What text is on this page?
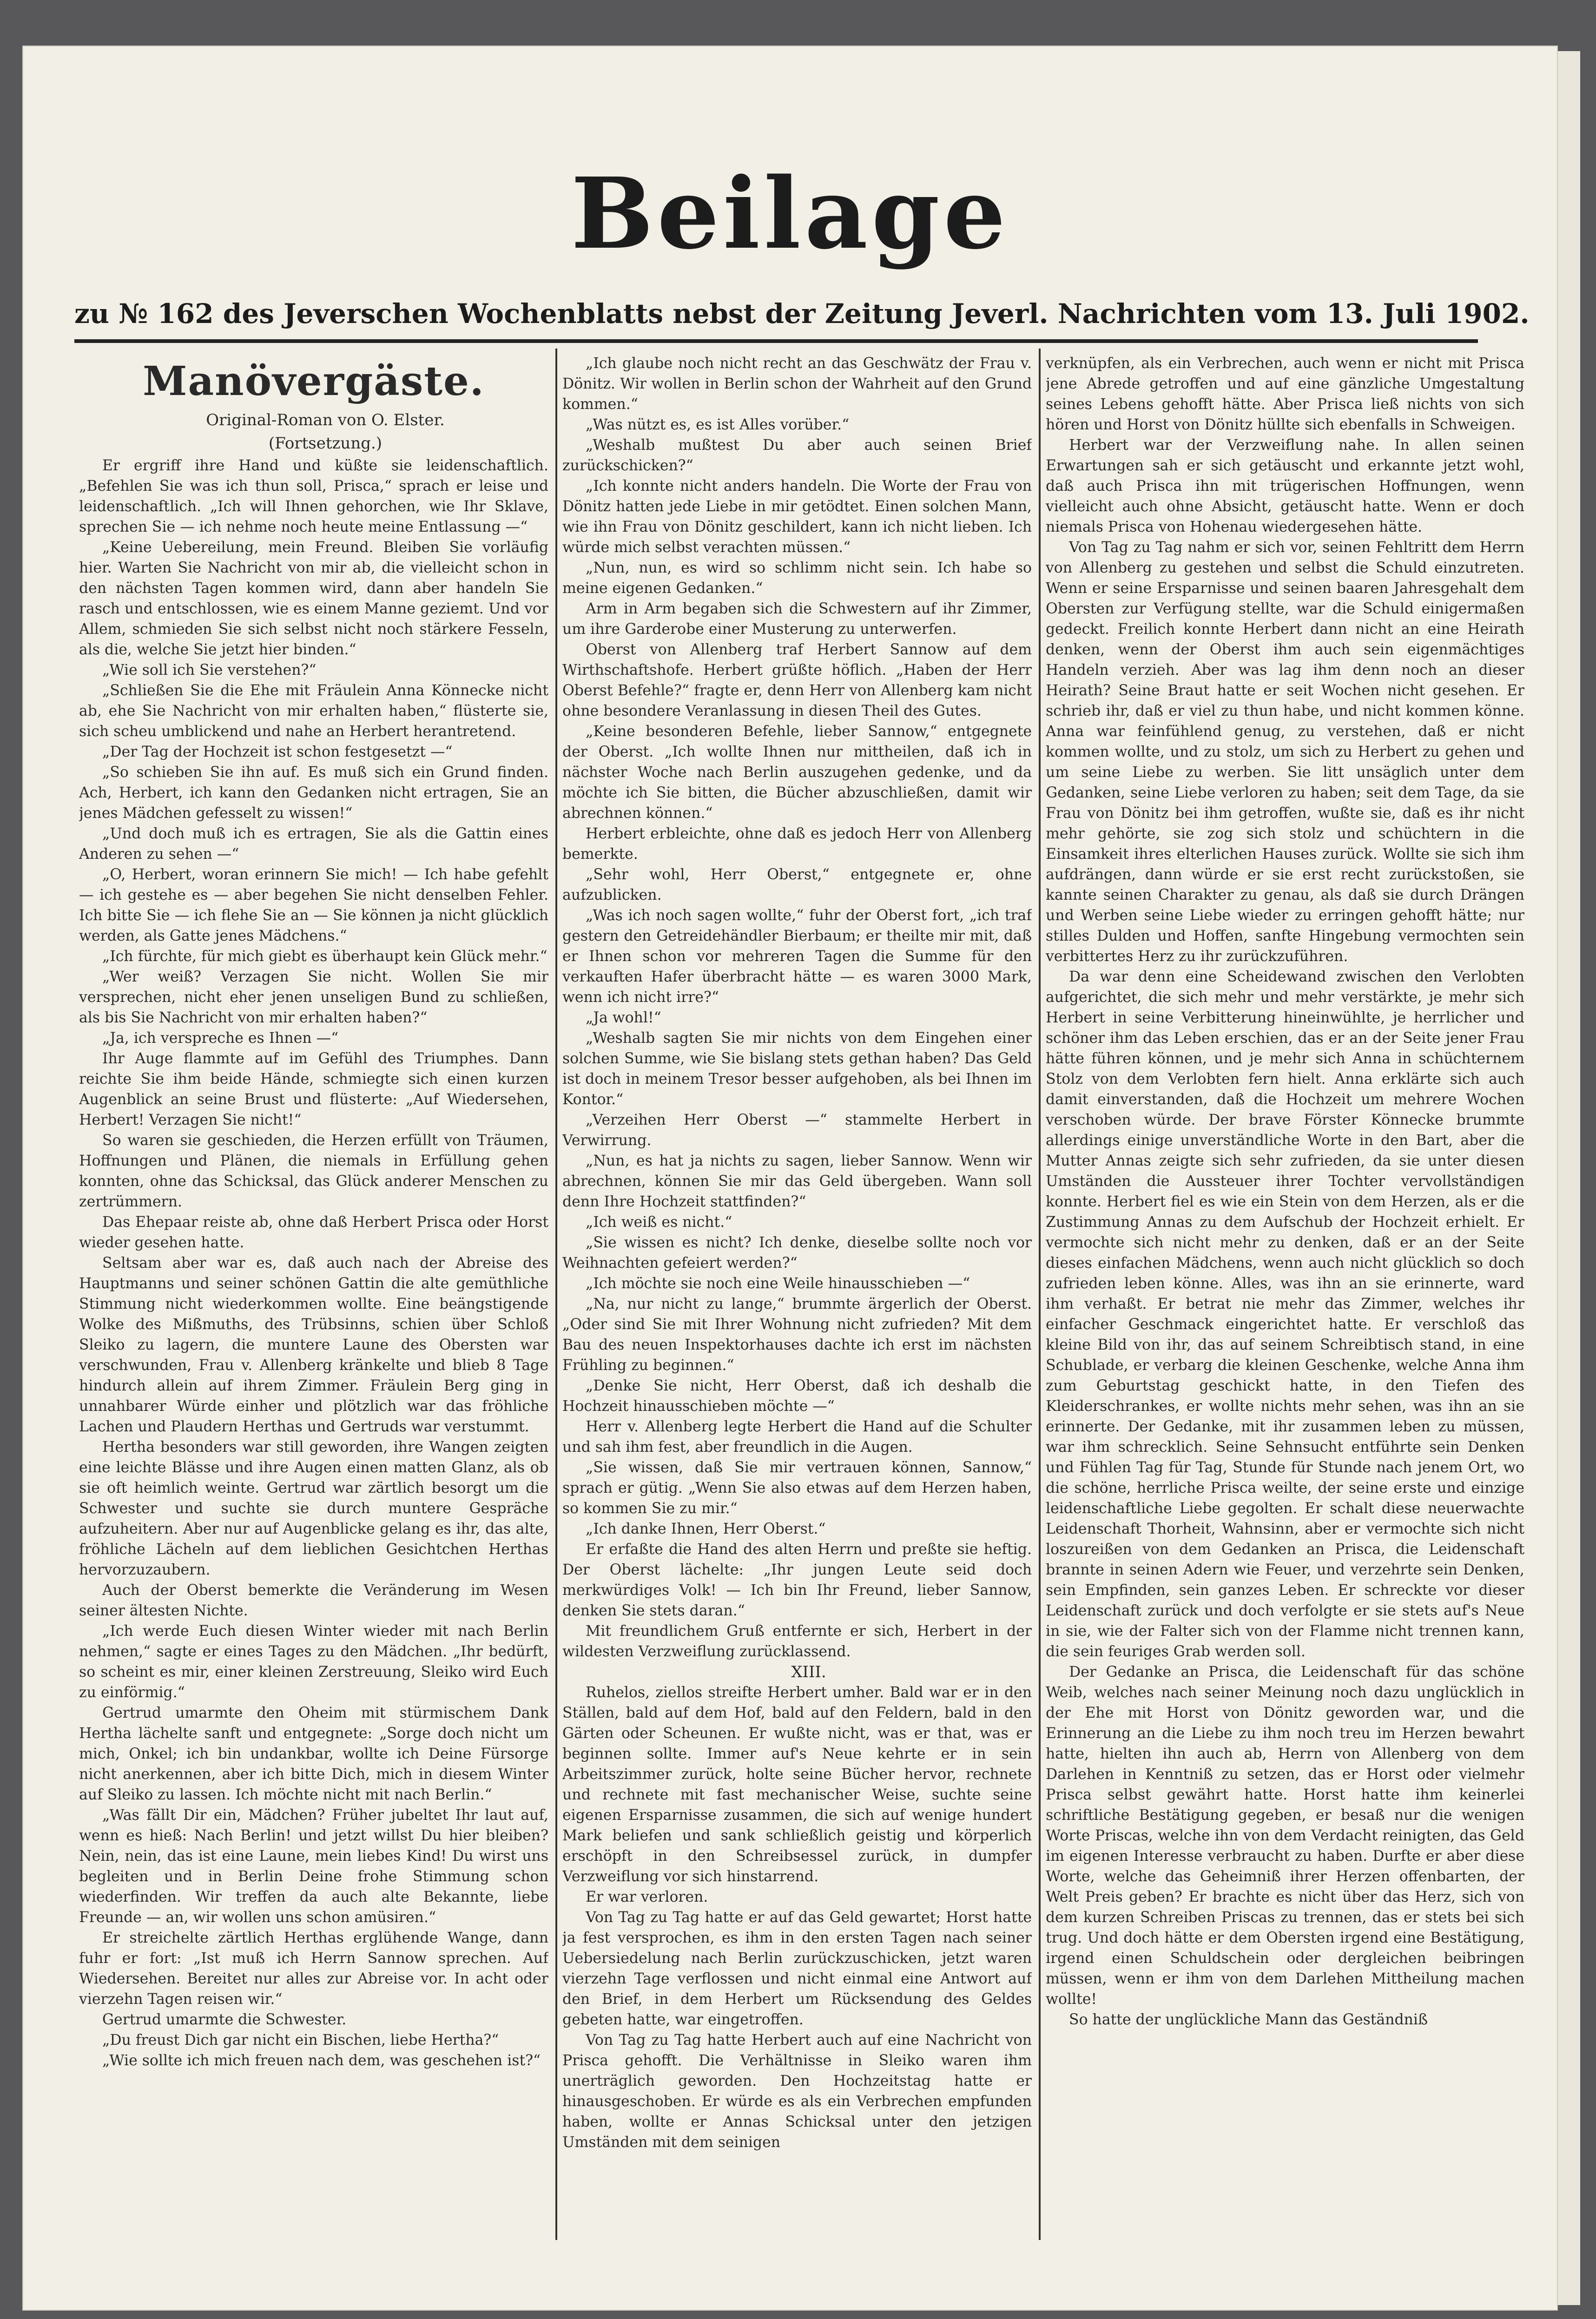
Beilage
zu № 162 des Jeverschen Wochenblatts nebst der Zeitung Jeverl. Nachrichten vom 13. Juli 1902.
Manövergäste.

Original-Roman von O. Elster.

(Fortsetzung.)

Er ergriff ihre Hand und küßte sie leidenschaftlich. „Befehlen Sie was ich thun soll, Prisca,“ sprach er leise und leidenschaftlich. „Ich will Ihnen gehorchen, wie Ihr Sklave, sprechen Sie — ich nehme noch heute meine Entlassung —“

„Keine Uebereilung, mein Freund. Bleiben Sie vorläufig hier. Warten Sie Nachricht von mir ab, die vielleicht schon in den nächsten Tagen kommen wird, dann aber handeln Sie rasch und entschlossen, wie es einem Manne geziemt. Und vor Allem, schmieden Sie sich selbst nicht noch stärkere Fesseln, als die, welche Sie jetzt hier binden.“

„Wie soll ich Sie verstehen?“

„Schließen Sie die Ehe mit Fräulein Anna Könnecke nicht ab, ehe Sie Nachricht von mir erhalten haben,“ flüsterte sie, sich scheu umblickend und nahe an Herbert herantretend.

„Der Tag der Hochzeit ist schon festgesetzt —“

„So schieben Sie ihn auf. Es muß sich ein Grund finden. Ach, Herbert, ich kann den Gedanken nicht ertragen, Sie an jenes Mädchen gefesselt zu wissen!“

„Und doch muß ich es ertragen, Sie als die Gattin eines Anderen zu sehen —“

„O, Herbert, woran erinnern Sie mich! — Ich habe gefehlt — ich gestehe es — aber begehen Sie nicht denselben Fehler. Ich bitte Sie — ich flehe Sie an — Sie können ja nicht glücklich werden, als Gatte jenes Mädchens.“

„Ich fürchte, für mich giebt es überhaupt kein Glück mehr.“

„Wer weiß? Verzagen Sie nicht. Wollen Sie mir versprechen, nicht eher jenen unseligen Bund zu schließen, als bis Sie Nachricht von mir erhalten haben?“

„Ja, ich verspreche es Ihnen —“

Ihr Auge flammte auf im Gefühl des Triumphes. Dann reichte Sie ihm beide Hände, schmiegte sich einen kurzen Augenblick an seine Brust und flüsterte: „Auf Wiedersehen, Herbert! Verzagen Sie nicht!“

So waren sie geschieden, die Herzen erfüllt von Träumen, Hoffnungen und Plänen, die niemals in Erfüllung gehen konnten, ohne das Schicksal, das Glück anderer Menschen zu zertrümmern.

Das Ehepaar reiste ab, ohne daß Herbert Prisca oder Horst wieder gesehen hatte.

Seltsam aber war es, daß auch nach der Abreise des Hauptmanns und seiner schönen Gattin die alte gemüthliche Stimmung nicht wiederkommen wollte. Eine beängstigende Wolke des Mißmuths, des Trübsinns, schien über Schloß Sleiko zu lagern, die muntere Laune des Obersten war verschwunden, Frau v. Allenberg kränkelte und blieb 8 Tage hindurch allein auf ihrem Zimmer. Fräulein Berg ging in unnahbarer Würde einher und plötzlich war das fröhliche Lachen und Plaudern Herthas und Gertruds war verstummt.

Hertha besonders war still geworden, ihre Wangen zeigten eine leichte Blässe und ihre Augen einen matten Glanz, als ob sie oft heimlich weinte. Gertrud war zärtlich besorgt um die Schwester und suchte sie durch muntere Gespräche aufzuheitern. Aber nur auf Augenblicke gelang es ihr, das alte, fröhliche Lächeln auf dem lieblichen Gesichtchen Herthas hervorzuzaubern.

Auch der Oberst bemerkte die Veränderung im Wesen seiner ältesten Nichte.

„Ich werde Euch diesen Winter wieder mit nach Berlin nehmen,“ sagte er eines Tages zu den Mädchen. „Ihr bedürft, so scheint es mir, einer kleinen Zerstreuung, Sleiko wird Euch zu einförmig.“

Gertrud umarmte den Oheim mit stürmischem Dank Hertha lächelte sanft und entgegnete: „Sorge doch nicht um mich, Onkel; ich bin undankbar, wollte ich Deine Fürsorge nicht anerkennen, aber ich bitte Dich, mich in diesem Winter auf Sleiko zu lassen. Ich möchte nicht mit nach Berlin.“

„Was fällt Dir ein, Mädchen? Früher jubeltet Ihr laut auf, wenn es hieß: Nach Berlin! und jetzt willst Du hier bleiben? Nein, nein, das ist eine Laune, mein liebes Kind! Du wirst uns begleiten und in Berlin Deine frohe Stimmung schon wiederfinden. Wir treffen da auch alte Bekannte, liebe Freunde — an, wir wollen uns schon amüsiren.“

Er streichelte zärtlich Herthas erglühende Wange, dann fuhr er fort: „Ist muß ich Herrn Sannow sprechen. Auf Wiedersehen. Bereitet nur alles zur Abreise vor. In acht oder vierzehn Tagen reisen wir.“

Gertrud umarmte die Schwester.

„Du freust Dich gar nicht ein Bischen, liebe Hertha?“

„Wie sollte ich mich freuen nach dem, was geschehen ist?“

„Ich glaube noch nicht recht an das Geschwätz der Frau v. Dönitz. Wir wollen in Berlin schon der Wahrheit auf den Grund kommen.“

„Was nützt es, es ist Alles vorüber.“

„Weshalb mußtest Du aber auch seinen Brief zurückschicken?“

„Ich konnte nicht anders handeln. Die Worte der Frau von Dönitz hatten jede Liebe in mir getödtet. Einen solchen Mann, wie ihn Frau von Dönitz geschildert, kann ich nicht lieben. Ich würde mich selbst verachten müssen.“

„Nun, nun, es wird so schlimm nicht sein. Ich habe so meine eigenen Gedanken.“

Arm in Arm begaben sich die Schwestern auf ihr Zimmer, um ihre Garderobe einer Musterung zu unterwerfen.

Oberst von Allenberg traf Herbert Sannow auf dem Wirthschaftshofe. Herbert grüßte höflich. „Haben der Herr Oberst Befehle?“ fragte er, denn Herr von Allenberg kam nicht ohne besondere Veranlassung in diesen Theil des Gutes.

„Keine besonderen Befehle, lieber Sannow,“ entgegnete der Oberst. „Ich wollte Ihnen nur mittheilen, daß ich in nächster Woche nach Berlin auszugehen gedenke, und da möchte ich Sie bitten, die Bücher abzuschließen, damit wir abrechnen können.“

Herbert erbleichte, ohne daß es jedoch Herr von Allenberg bemerkte.

„Sehr wohl, Herr Oberst,“ entgegnete er, ohne aufzublicken.

„Was ich noch sagen wollte,“ fuhr der Oberst fort, „ich traf gestern den Getreidehändler Bierbaum; er theilte mir mit, daß er Ihnen schon vor mehreren Tagen die Summe für den verkauften Hafer überbracht hätte — es waren 3000 Mark, wenn ich nicht irre?“

„Ja wohl!“

„Weshalb sagten Sie mir nichts von dem Eingehen einer solchen Summe, wie Sie bislang stets gethan haben? Das Geld ist doch in meinem Tresor besser aufgehoben, als bei Ihnen im Kontor.“

„Verzeihen Herr Oberst —“ stammelte Herbert in Verwirrung.

„Nun, es hat ja nichts zu sagen, lieber Sannow. Wenn wir abrechnen, können Sie mir das Geld übergeben. Wann soll denn Ihre Hochzeit stattfinden?“

„Ich weiß es nicht.“

„Sie wissen es nicht? Ich denke, dieselbe sollte noch vor Weihnachten gefeiert werden?“

„Ich möchte sie noch eine Weile hinausschieben —“

„Na, nur nicht zu lange,“ brummte ärgerlich der Oberst. „Oder sind Sie mit Ihrer Wohnung nicht zufrieden? Mit dem Bau des neuen Inspektorhauses dachte ich erst im nächsten Frühling zu beginnen.“

„Denke Sie nicht, Herr Oberst, daß ich deshalb die Hochzeit hinausschieben möchte —“

Herr v. Allenberg legte Herbert die Hand auf die Schulter und sah ihm fest, aber freundlich in die Augen.

„Sie wissen, daß Sie mir vertrauen können, Sannow,“ sprach er gütig. „Wenn Sie also etwas auf dem Herzen haben, so kommen Sie zu mir.“

„Ich danke Ihnen, Herr Oberst.“

Er erfaßte die Hand des alten Herrn und preßte sie heftig. Der Oberst lächelte: „Ihr jungen Leute seid doch merkwürdiges Volk! — Ich bin Ihr Freund, lieber Sannow, denken Sie stets daran.“

Mit freundlichem Gruß entfernte er sich, Herbert in der wildesten Verzweiflung zurücklassend.

XIII.

Ruhelos, ziellos streifte Herbert umher. Bald war er in den Ställen, bald auf dem Hof, bald auf den Feldern, bald in den Gärten oder Scheunen. Er wußte nicht, was er that, was er beginnen sollte. Immer auf's Neue kehrte er in sein Arbeitszimmer zurück, holte seine Bücher hervor, rechnete und rechnete mit fast mechanischer Weise, suchte seine eigenen Ersparnisse zusammen, die sich auf wenige hundert Mark beliefen und sank schließlich geistig und körperlich erschöpft in den Schreibsessel zurück, in dumpfer Verzweiflung vor sich hinstarrend.

Er war verloren.

Von Tag zu Tag hatte er auf das Geld gewartet; Horst hatte ja fest versprochen, es ihm in den ersten Tagen nach seiner Uebersiedelung nach Berlin zurückzuschicken, jetzt waren vierzehn Tage verflossen und nicht einmal eine Antwort auf den Brief, in dem Herbert um Rücksendung des Geldes gebeten hatte, war eingetroffen.

Von Tag zu Tag hatte Herbert auch auf eine Nachricht von Prisca gehofft. Die Verhältnisse in Sleiko waren ihm unerträglich geworden. Den Hochzeitstag hatte er hinausgeschoben. Er würde es als ein Verbrechen empfunden haben, wollte er Annas Schicksal unter den jetzigen Umständen mit dem seinigen

verknüpfen, als ein Verbrechen, auch wenn er nicht mit Prisca jene Abrede getroffen und auf eine gänzliche Umgestaltung seines Lebens gehofft hätte. Aber Prisca ließ nichts von sich hören und Horst von Dönitz hüllte sich ebenfalls in Schweigen.

Herbert war der Verzweiflung nahe. In allen seinen Erwartungen sah er sich getäuscht und erkannte jetzt wohl, daß auch Prisca ihn mit trügerischen Hoffnungen, wenn vielleicht auch ohne Absicht, getäuscht hatte. Wenn er doch niemals Prisca von Hohenau wiedergesehen hätte.

Von Tag zu Tag nahm er sich vor, seinen Fehltritt dem Herrn von Allenberg zu gestehen und selbst die Schuld einzutreten. Wenn er seine Ersparnisse und seinen baaren Jahresgehalt dem Obersten zur Verfügung stellte, war die Schuld einigermaßen gedeckt. Freilich konnte Herbert dann nicht an eine Heirath denken, wenn der Oberst ihm auch sein eigenmächtiges Handeln verzieh. Aber was lag ihm denn noch an dieser Heirath? Seine Braut hatte er seit Wochen nicht gesehen. Er schrieb ihr, daß er viel zu thun habe, und nicht kommen könne. Anna war feinfühlend genug, zu verstehen, daß er nicht kommen wollte, und zu stolz, um sich zu Herbert zu gehen und um seine Liebe zu werben. Sie litt unsäglich unter dem Gedanken, seine Liebe verloren zu haben; seit dem Tage, da sie Frau von Dönitz bei ihm getroffen, wußte sie, daß es ihr nicht mehr gehörte, sie zog sich stolz und schüchtern in die Einsamkeit ihres elterlichen Hauses zurück. Wollte sie sich ihm aufdrängen, dann würde er sie erst recht zurückstoßen, sie kannte seinen Charakter zu genau, als daß sie durch Drängen und Werben seine Liebe wieder zu erringen gehofft hätte; nur stilles Dulden und Hoffen, sanfte Hingebung vermochten sein verbittertes Herz zu ihr zurückzuführen.

Da war denn eine Scheidewand zwischen den Verlobten aufgerichtet, die sich mehr und mehr verstärkte, je mehr sich Herbert in seine Verbitterung hineinwühlte, je herrlicher und schöner ihm das Leben erschien, das er an der Seite jener Frau hätte führen können, und je mehr sich Anna in schüchternem Stolz von dem Verlobten fern hielt. Anna erklärte sich auch damit einverstanden, daß die Hochzeit um mehrere Wochen verschoben würde. Der brave Förster Könnecke brummte allerdings einige unverständliche Worte in den Bart, aber die Mutter Annas zeigte sich sehr zufrieden, da sie unter diesen Umständen die Aussteuer ihrer Tochter vervollständigen konnte. Herbert fiel es wie ein Stein von dem Herzen, als er die Zustimmung Annas zu dem Aufschub der Hochzeit erhielt. Er vermochte sich nicht mehr zu denken, daß er an der Seite dieses einfachen Mädchens, wenn auch nicht glücklich so doch zufrieden leben könne. Alles, was ihn an sie erinnerte, ward ihm verhaßt. Er betrat nie mehr das Zimmer, welches ihr einfacher Geschmack eingerichtet hatte. Er verschloß das kleine Bild von ihr, das auf seinem Schreibtisch stand, in eine Schublade, er verbarg die kleinen Geschenke, welche Anna ihm zum Geburtstag geschickt hatte, in den Tiefen des Kleiderschrankes, er wollte nichts mehr sehen, was ihn an sie erinnerte. Der Gedanke, mit ihr zusammen leben zu müssen, war ihm schrecklich. Seine Sehnsucht entführte sein Denken und Fühlen Tag für Tag, Stunde für Stunde nach jenem Ort, wo die schöne, herrliche Prisca weilte, der seine erste und einzige leidenschaftliche Liebe gegolten. Er schalt diese neuerwachte Leidenschaft Thorheit, Wahnsinn, aber er vermochte sich nicht loszureißen von dem Gedanken an Prisca, die Leidenschaft brannte in seinen Adern wie Feuer, und verzehrte sein Denken, sein Empfinden, sein ganzes Leben. Er schreckte vor dieser Leidenschaft zurück und doch verfolgte er sie stets auf's Neue in sie, wie der Falter sich von der Flamme nicht trennen kann, die sein feuriges Grab werden soll.

Der Gedanke an Prisca, die Leidenschaft für das schöne Weib, welches nach seiner Meinung noch dazu unglücklich in der Ehe mit Horst von Dönitz geworden war, und die Erinnerung an die Liebe zu ihm noch treu im Herzen bewahrt hatte, hielten ihn auch ab, Herrn von Allenberg von dem Darlehen in Kenntniß zu setzen, das er Horst oder vielmehr Prisca selbst gewährt hatte. Horst hatte ihm keinerlei schriftliche Bestätigung gegeben, er besaß nur die wenigen Worte Priscas, welche ihn von dem Verdacht reinigten, das Geld im eigenen Interesse verbraucht zu haben. Durfte er aber diese Worte, welche das Geheimniß ihrer Herzen offenbarten, der Welt Preis geben? Er brachte es nicht über das Herz, sich von dem kurzen Schreiben Priscas zu trennen, das er stets bei sich trug. Und doch hätte er dem Obersten irgend eine Bestätigung, irgend einen Schuldschein oder dergleichen beibringen müssen, wenn er ihm von dem Darlehen Mittheilung machen wollte!

So hatte der unglückliche Mann das Geständniß
